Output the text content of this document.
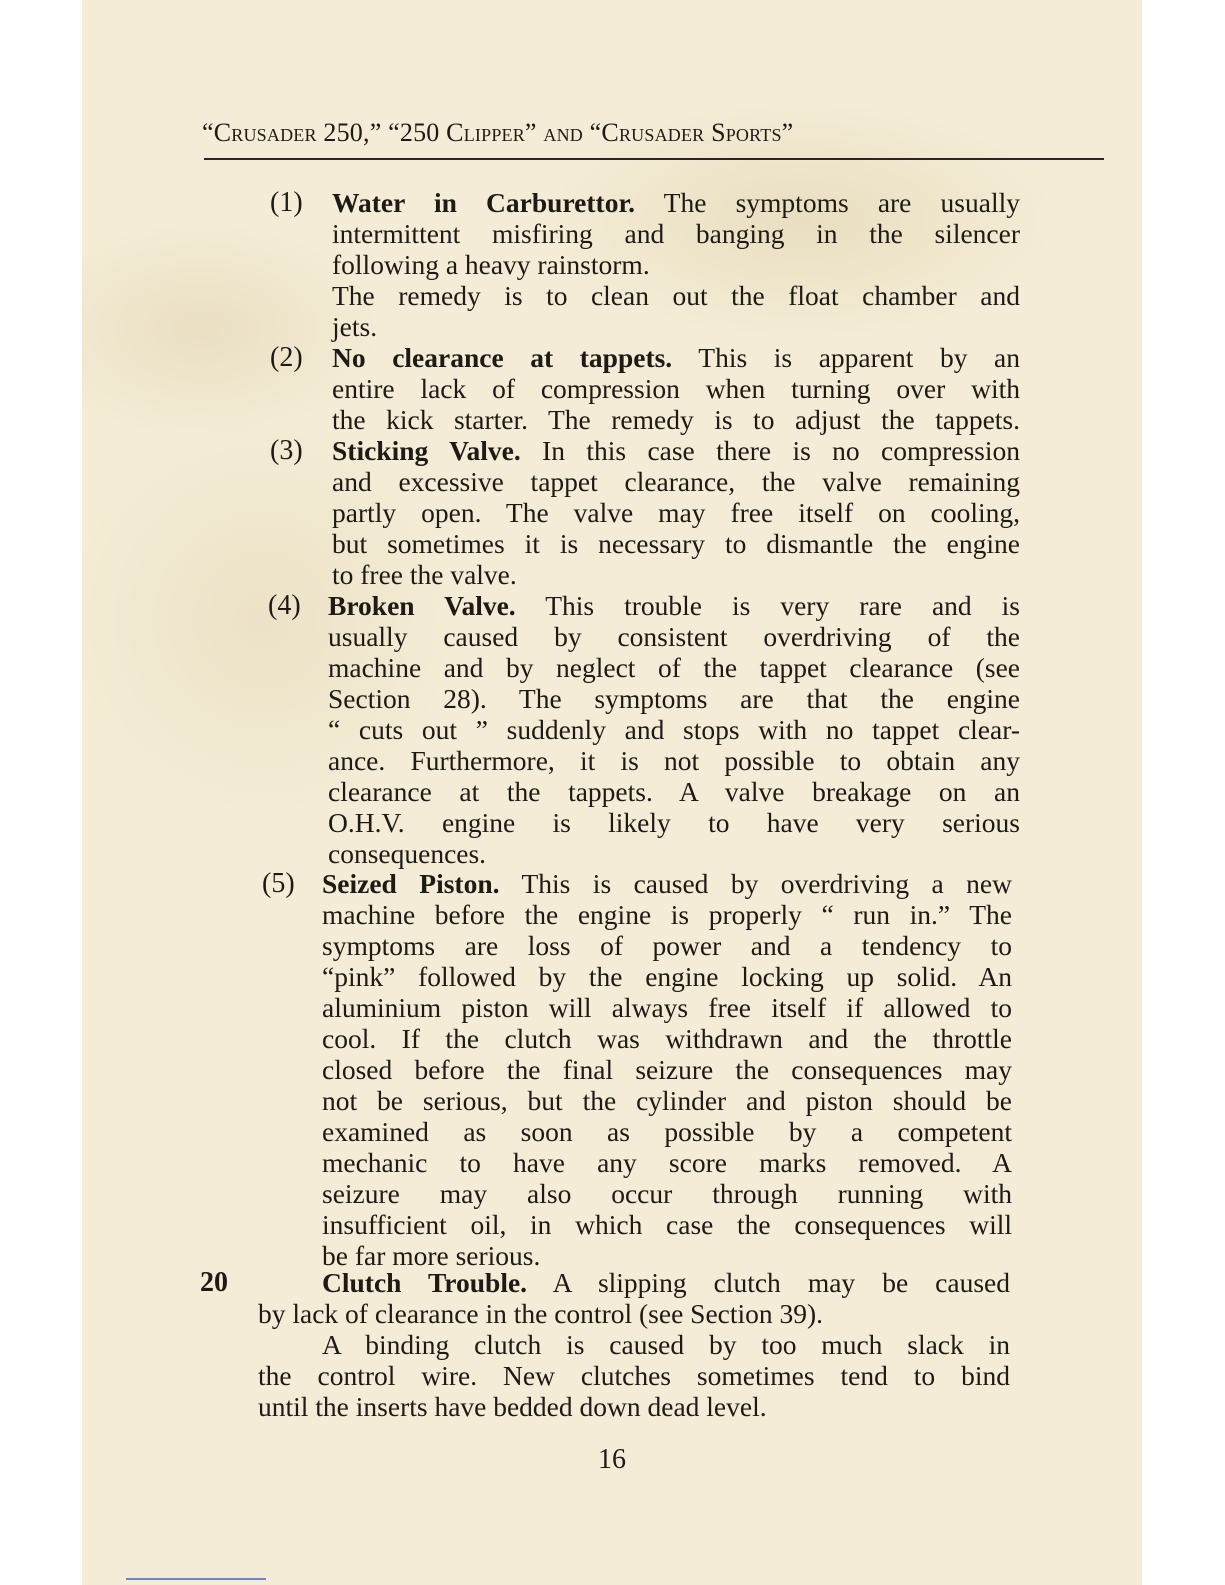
“Crusader 250,” “250 Clipper” and “Crusader Sports”
(1) Water in Carburettor. The symptoms are usually
intermittent misfiring and banging in the silencer
following a heavy rainstorm.
The remedy is to clean out the float chamber and
jets.
(2) No clearance at tappets. This is apparent by an
entire lack of compression when turning over with
the kick starter. The remedy is to adjust the tappets.
(3) Sticking Valve. In this case there is no compression
and excessive tappet clearance, the valve remaining
partly open. The valve may free itself on cooling,
but sometimes it is necessary to dismantle the engine
to free the valve.
(4) Broken Valve. This trouble is very rare and is
usually caused by consistent overdriving of the
machine and by neglect of the tappet clearance (see
Section 28). The symptoms are that the engine
“ cuts out ” suddenly and stops with no tappet clear-
ance. Furthermore, it is not possible to obtain any
clearance at the tappets. A valve breakage on an
O.H.V. engine is likely to have very serious
consequences.
(5) Seized Piston. This is caused by overdriving a new
machine before the engine is properly “ run in.” The
symptoms are loss of power and a tendency to
“pink” followed by the engine locking up solid. An
aluminium piston will always free itself if allowed to
cool. If the clutch was withdrawn and the throttle
closed before the final seizure the consequences may
not be serious, but the cylinder and piston should be
examined as soon as possible by a competent
mechanic to have any score marks removed. A
seizure may also occur through running with
insufficient oil, in which case the consequences will
be far more serious.
20	Clutch Trouble. A slipping clutch may be caused
by lack of clearance in the control (see Section 39).
A binding clutch is caused by too much slack in
the control wire. New clutches sometimes tend to bind
until the inserts have bedded down dead level.
16
